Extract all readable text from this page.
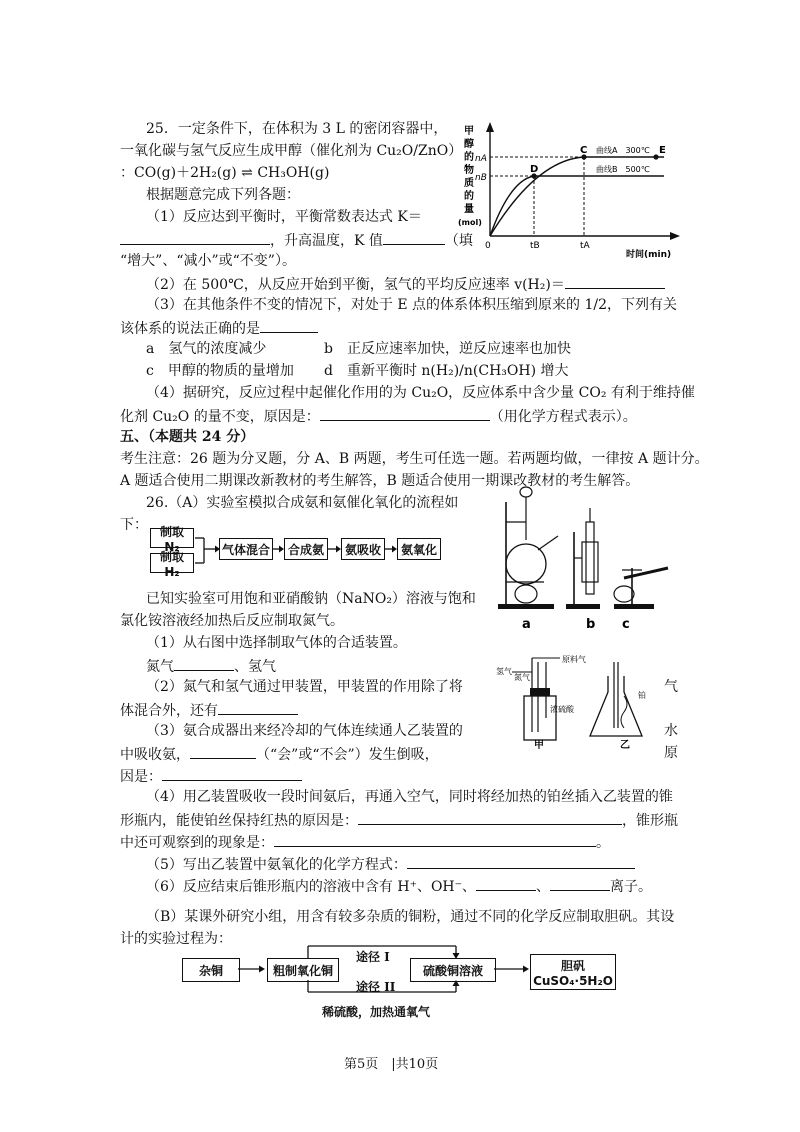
25．一定条件下，在体积为 3 L 的密闭容器中，
一氧化碳与氢气反应生成甲醇（催化剂为 Cu₂O/ZnO）
：CO(g)＋2H₂(g) ⇌ CH₃OH(g)
根据题意完成下列各题：
（1）反应达到平衡时，平衡常数表达式 K＝
，升高温度，K 值	（填
“增大”、“减小”或“不变”）。
（2）在 500℃，从反应开始到平衡，氢气的平均反应速率 v(H₂)＝
（3）在其他条件不变的情况下，对处于 E 点的体系体积压缩到原来的 1/2，下列有关
该体系的说法正确的是
a　氢气的浓度减少	b　正反应速率加快，逆反应速率也加快
c　甲醇的物质的量增加 d　重新平衡时 n(H₂)/n(CH₃OH) 增大
（4）据研究，反应过程中起催化作用的为 Cu₂O，反应体系中含少量 CO₂ 有利于维持催
化剂 Cu₂O 的量不变，原因是：	（用化学方程式表示）。
甲
醇
的
物
质
的
量
(mol)
nA
nB
C
D
E
曲线A　300℃
曲线B　500℃
0	tB	tA
时间(min)
五、（本题共 24 分）
考生注意：26 题为分叉题，分 A、B 两题，考生可任选一题。若两题均做，一律按 A 题计分。
A 题适合使用二期课改新教材的考生解答，B 题适合使用一期课改教材的考生解答。
26.（A）实验室模拟合成氨和氨催化氧化的流程如
下： 制取 N₂
制取 H₂
气体混合	合成氨	氨吸收	氨氧化
已知实验室可用饱和亚硝酸钠（NaNO₂）溶液与饱和
氯化铵溶液经加热后反应制取氮气。
（1）从右图中选择制取气体的合适装置。
氮气	、氢气
（2）氮气和氢气通过甲装置，甲装置的作用除了将	气
体混合外，还有
（3）氨合成器出来经冷却的气体连续通人乙装置的	水
中吸收氨，	（“会”或“不会”）发生倒吸，	原
因是：
（4）用乙装置吸收一段时间氨后，再通入空气，同时将经加热的铂丝插入乙装置的锥
形瓶内，能使铂丝保持红热的原因是：	，锥形瓶
中还可观察到的现象是：	。
（5）写出乙装置中氨氧化的化学方程式：
（6）反应结束后锥形瓶内的溶液中含有 H⁺、OH⁻、	、	离子。
a	b c
氢气
氮气
原料气
浓硫酸
甲
铂
乙
（B）某课外研究小组，用含有较多杂质的铜粉，通过不同的化学反应制取胆矾。其设
计的实验过程为：
杂铜	粗制氧化铜	硫酸铜溶液	胆矾
CuSO₄·5H₂O
途径 I
途径 II
稀硫酸，加热通氧气
第5页　|共10页
